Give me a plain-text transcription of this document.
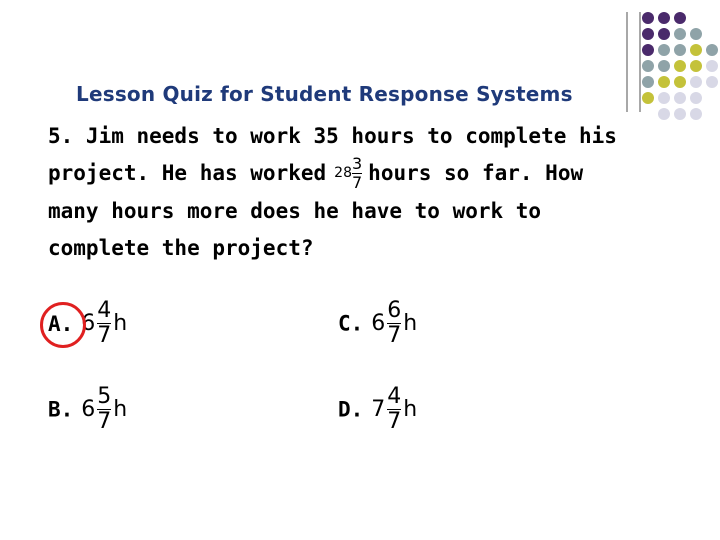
Lesson Quiz for Student Response Systems
5. Jim needs to work 35 hours to complete his
project. He has worked $28 \frac{3}{7}$ hours so far. How
many hours more does he have to work to
complete the project?
A. $6 \frac{4}{7}$ h	C. $6 \frac{6}{7}$ h
B. $6 \frac{5}{7}$ h	D. $7 \frac{4}{7}$ h
